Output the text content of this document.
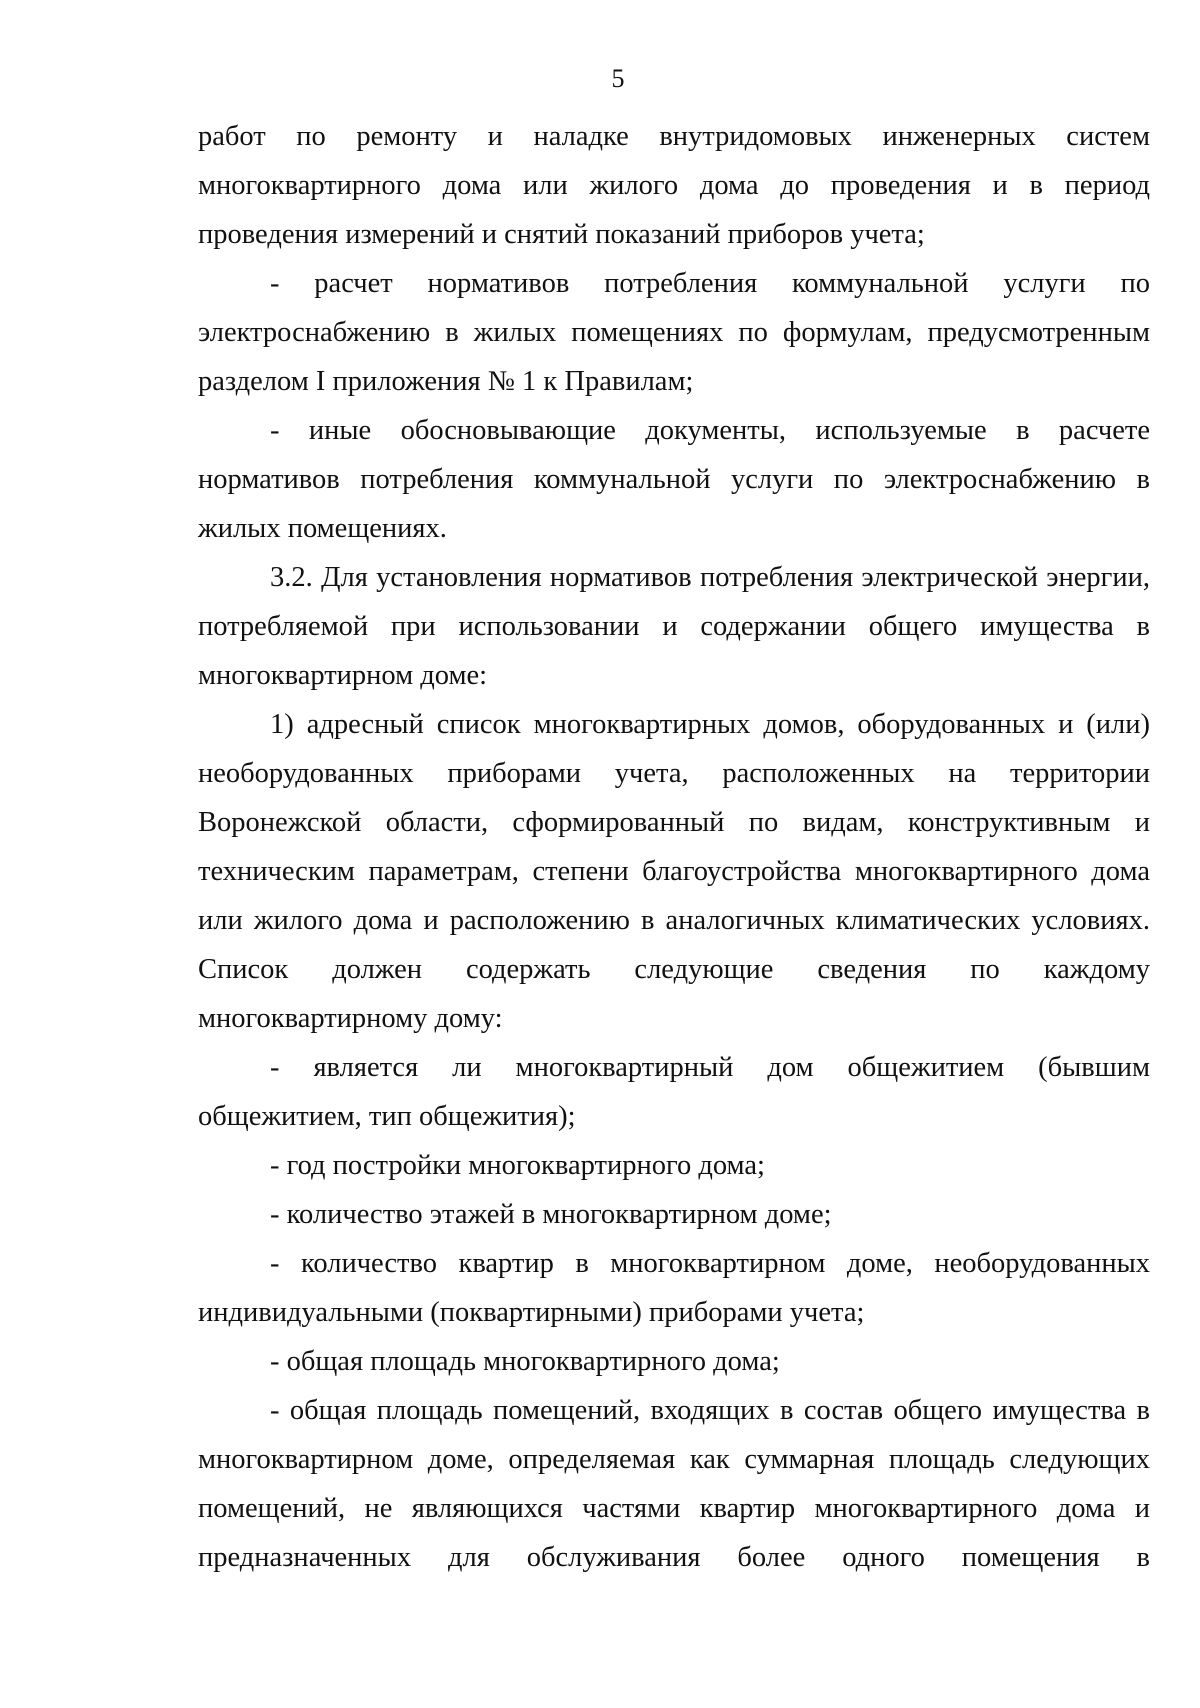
5

работ по ремонту и наладке внутридомовых инженерных систем многоквартирного дома или жилого дома до проведения и в период проведения измерений и снятий показаний приборов учета;

- расчет нормативов потребления коммунальной услуги по электроснабжению в жилых помещениях по формулам, предусмотренным разделом I приложения № 1 к Правилам;

- иные обосновывающие документы, используемые в расчете нормативов потребления коммунальной услуги по электроснабжению в жилых помещениях.

3.2. Для установления нормативов потребления электрической энергии, потребляемой при использовании и содержании общего имущества в многоквартирном доме:

1) адресный список многоквартирных домов, оборудованных и (или) необорудованных приборами учета, расположенных на территории Воронежской области, сформированный по видам, конструктивным и техническим параметрам, степени благоустройства многоквартирного дома или жилого дома и расположению в аналогичных климатических условиях. Список должен содержать следующие сведения по каждому многоквартирному дому:

- является ли многоквартирный дом общежитием (бывшим общежитием, тип общежития);

- год постройки многоквартирного дома;

- количество этажей в многоквартирном доме;

- количество квартир в многоквартирном доме, необорудованных индивидуальными (поквартирными) приборами учета;

- общая площадь многоквартирного дома;

- общая площадь помещений, входящих в состав общего имущества в многоквартирном доме, определяемая как суммарная площадь следующих помещений, не являющихся частями квартир многоквартирного дома и предназначенных для обслуживания более одного помещения в
